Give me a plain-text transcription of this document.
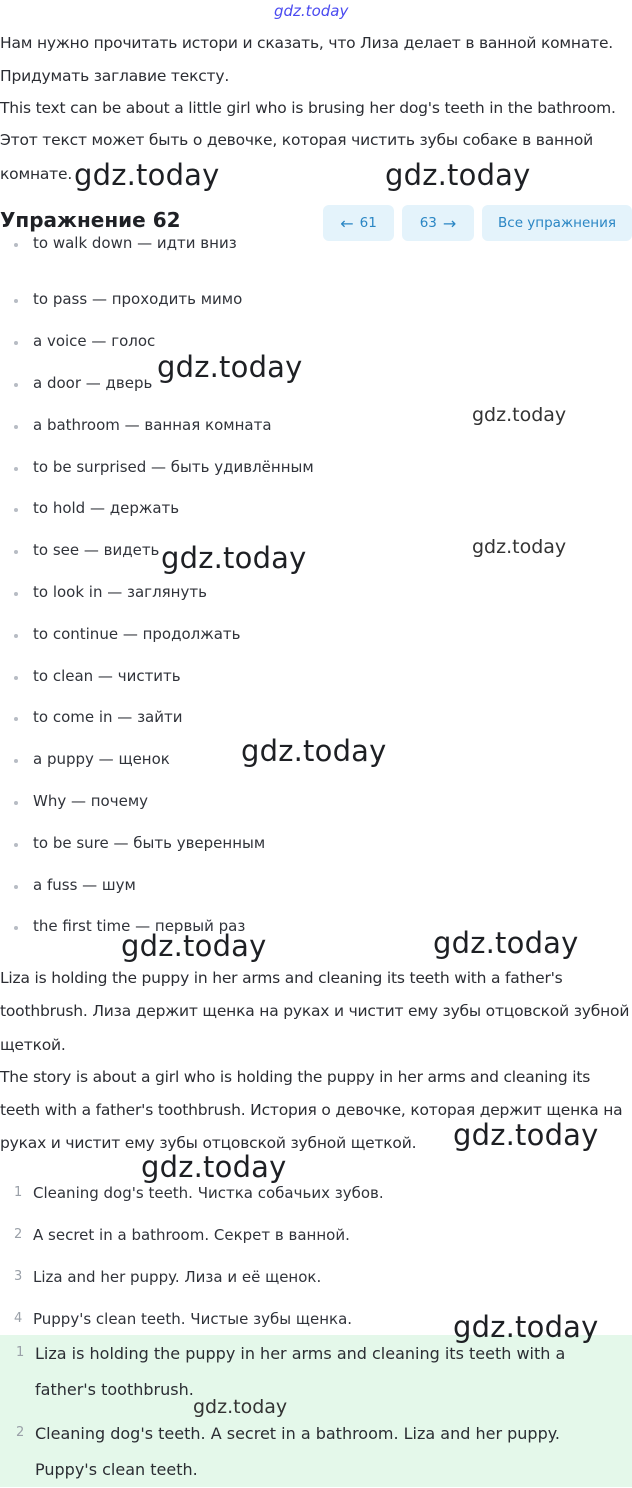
gdz.today
Нам нужно прочитать истори и сказать, что Лиза делает в ванной комнате.
Придумать заглавие тексту.
This text can be about a little girl who is brusing her dog's teeth in the bathroom.
Этот текст может быть о девочке, которая чистить зубы собаке в ванной
комнате.
Упражнение 62	← 61	63 →	Все упражнения
to walk down — идти вниз
to pass — проходить мимо
a voice — голос
a door — дверь
a bathroom — ванная комната
to be surprised — быть удивлённым
to hold — держать
to see — видеть
to look in — заглянуть
to continue — продолжать
to clean — чистить
to come in — зайти
a puppy — щенок
Why — почему
to be sure — быть уверенным
a fuss — шум
the first time — первый раз
Liza is holding the puppy in her arms and cleaning its teeth with a father's
toothbrush. Лиза держит щенка на руках и чистит ему зубы отцовской зубной
щеткой.
The story is about a girl who is holding the puppy in her arms and cleaning its
teeth with a father's toothbrush. История о девочке, которая держит щенка на
руках и чистит ему зубы отцовской зубной щеткой.
1 Cleaning dog's teeth. Чистка собачьих зубов.
2 A secret in a bathroom. Секрет в ванной.
3 Liza and her puppy. Лиза и её щенок.
4 Puppy's clean teeth. Чистые зубы щенка.
1 Liza is holding the puppy in her arms and cleaning its teeth with a father's toothbrush.
2 Cleaning dog's teeth. A secret in a bathroom. Liza and her puppy. Puppy's clean teeth.
gdz.today	gdz.today
gdz.today
gdz.today
gdz.today	gdz.today
gdz.today
gdz.today	gdz.today
gdz.today
gdz.today
gdz.today
gdz.today
